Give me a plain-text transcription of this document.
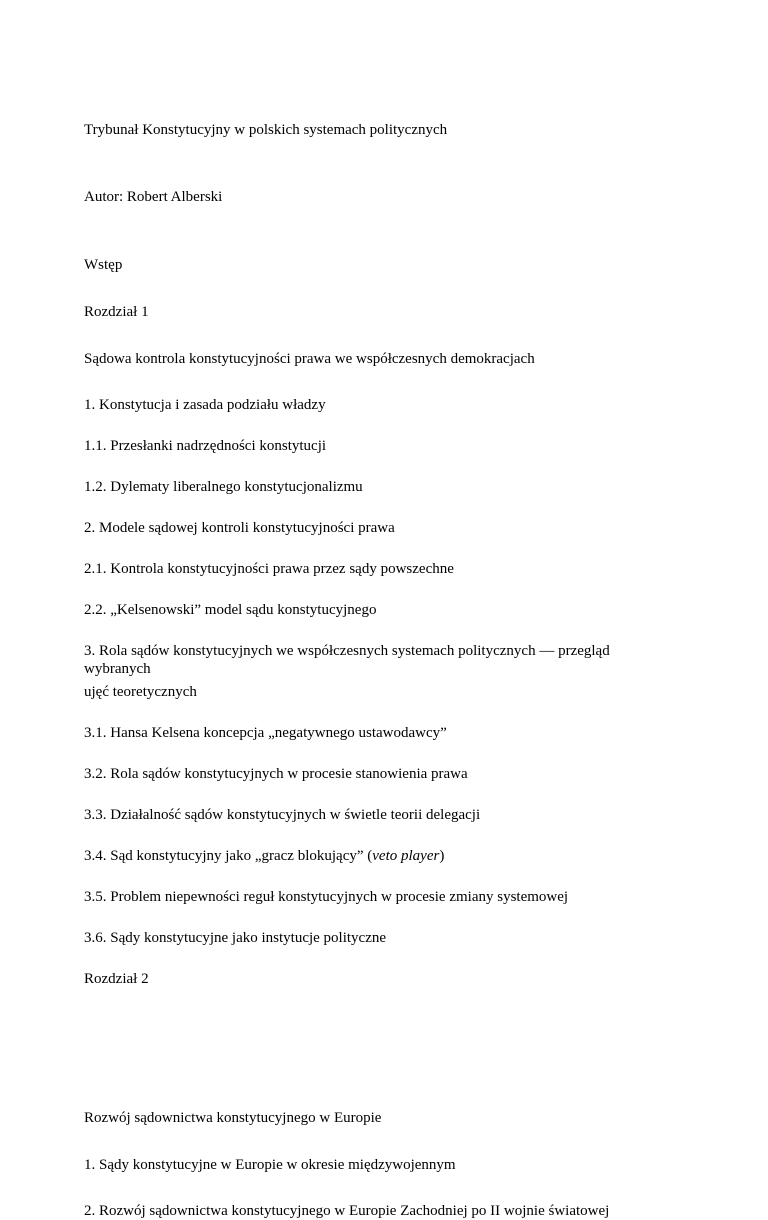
Trybunał Konstytucyjny w polskich systemach politycznych
Autor: Robert Alberski
Wstęp
Rozdział 1
Sądowa kontrola konstytucyjności prawa we współczesnych demokracjach
1. Konstytucja i zasada podziału władzy
1.1. Przesłanki nadrzędności konstytucji
1.2. Dylematy liberalnego konstytucjonalizmu
2. Modele sądowej kontroli konstytucyjności prawa
2.1. Kontrola konstytucyjności prawa przez sądy powszechne
2.2. „Kelsenowski” model sądu konstytucyjnego
3. Rola sądów konstytucyjnych we współczesnych systemach politycznych — przegląd wybranych
ujęć teoretycznych
3.1. Hansa Kelsena koncepcja „negatywnego ustawodawcy”
3.2. Rola sądów konstytucyjnych w procesie stanowienia prawa
3.3. Działalność sądów konstytucyjnych w świetle teorii delegacji
3.4. Sąd konstytucyjny jako „gracz blokujący” (veto player)
3.5. Problem niepewności reguł konstytucyjnych w procesie zmiany systemowej
3.6. Sądy konstytucyjne jako instytucje polityczne
Rozdział 2
Rozwój sądownictwa konstytucyjnego w Europie
1. Sądy konstytucyjne w Europie w okresie międzywojennym
2. Rozwój sądownictwa konstytucyjnego w Europie Zachodniej po II wojnie światowej
